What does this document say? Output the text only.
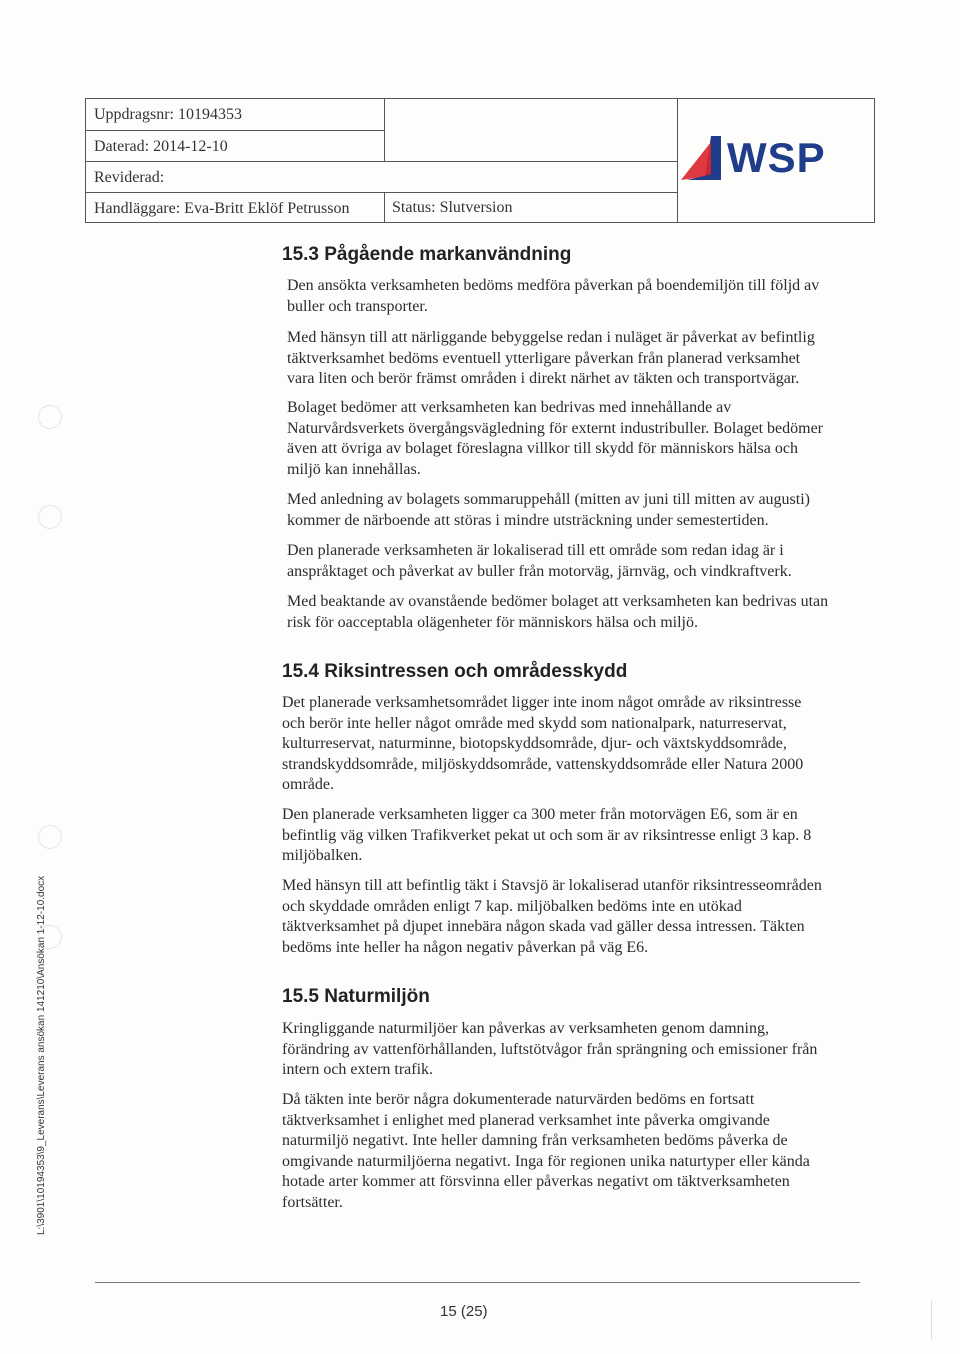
Uppdragsnr: 10194353
Daterad: 2014-12-10
Reviderad:
Handläggare: Eva-Britt Eklöf Petrusson	Status: Slutversion
WSP
15.3 Pågående markanvändning

Den ansökta verksamheten bedöms medföra påverkan på boendemiljön till följd av
buller och transporter.

Med hänsyn till att närliggande bebyggelse redan i nuläget är påverkat av befintlig
täktverksamhet bedöms eventuell ytterligare påverkan från planerad verksamhet
vara liten och berör främst områden i direkt närhet av täkten och transportvägar.

Bolaget bedömer att verksamheten kan bedrivas med innehållande av
Naturvårdsverkets övergångsvägledning för externt industribuller. Bolaget bedömer
även att övriga av bolaget föreslagna villkor till skydd för människors hälsa och
miljö kan innehållas.

Med anledning av bolagets sommaruppehåll (mitten av juni till mitten av augusti)
kommer de närboende att störas i mindre utsträckning under semestertiden.

Den planerade verksamheten är lokaliserad till ett område som redan idag är i
anspråktaget och påverkat av buller från motorväg, järnväg, och vindkraftverk.

Med beaktande av ovanstående bedömer bolaget att verksamheten kan bedrivas utan
risk för oacceptabla olägenheter för människors hälsa och miljö.

15.4 Riksintressen och områdesskydd

Det planerade verksamhetsområdet ligger inte inom något område av riksintresse
och berör inte heller något område med skydd som nationalpark, naturreservat,
kulturreservat, naturminne, biotopskyddsområde, djur- och växtskyddsområde,
strandskyddsområde, miljöskyddsområde, vattenskyddsområde eller Natura 2000
område.

Den planerade verksamheten ligger ca 300 meter från motorvägen E6, som är en
befintlig väg vilken Trafikverket pekat ut och som är av riksintresse enligt 3 kap. 8
miljöbalken.

Med hänsyn till att befintlig täkt i Stavsjö är lokaliserad utanför riksintresseområden
och skyddade områden enligt 7 kap. miljöbalken bedöms inte en utökad
täktverksamhet på djupet innebära någon skada vad gäller dessa intressen. Täkten
bedöms inte heller ha någon negativ påverkan på väg E6.

15.5 Naturmiljön

Kringliggande naturmiljöer kan påverkas av verksamheten genom damning,
förändring av vattenförhållanden, luftstötvågor från sprängning och emissioner från
intern och extern trafik.

Då täkten inte berör några dokumenterade naturvärden bedöms en fortsatt
täktverksamhet i enlighet med planerad verksamhet inte påverka omgivande
naturmiljö negativt. Inte heller damning från verksamheten bedöms påverka de
omgivande naturmiljöerna negativt. Inga för regionen unika naturtyper eller kända
hotade arter kommer att försvinna eller påverkas negativt om täktverksamheten
fortsätter.

L:\3901\10194353\9_Leverans\Leverans ansökan 141210\Ansökan 1-12-10.docx
15 (25)
